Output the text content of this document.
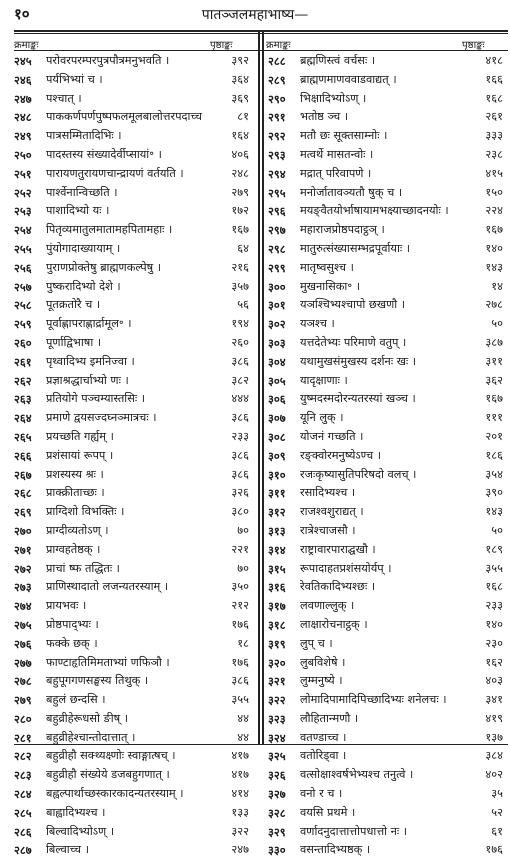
१०	पातञ्जलमहाभाष्य—
क्रमाङ्कः	पृष्ठाङ्कः	क्रमाङ्कः	पृष्ठाङ्कः
२४५ परोवरपरम्परपुत्रपौत्रमनुभवति ।	३९२
२४६ पर्यभिभ्यां च ।	३६४
२४७ पश्चात् ।	३६९
२४८ पाककर्णपर्णपुष्पफलमूलबालोत्तरपदाच्च	८१
२४९ पात्रसम्मितादिभिः ।	१६४
२५० पादस्तस्य संख्यादेर्वीप्सायां॰ ।	४०६
२५१ पारायणतुरायणचान्द्रायणं वर्तयति ।	२४८
२५२ पार्श्वेनान्विच्छति ।	२७९
२५३ पाशादिभ्यो यः ।	१७२
२५४ पितृव्यमातुलमातामहपितामहाः ।	१६७
२५५ पुंयोगादाख्यायाम् ।	६४
२५६ पुराणप्रोक्तेषु ब्राह्मणकल्पेषु ।	२१६
२५७ पुष्करादिभ्यो देशे ।	३५७
२५८ पूतक्रतोरै च ।	५६
२५९ पूर्वाह्णापराह्णार्द्रामूल॰ ।	१९४
२६० पूर्णाद्विभाषा ।	२६०
२६१ पृथ्वादिभ्य इमनिज्वा ।	३८६
२६२ प्रज्ञाश्रद्धार्चाभ्यो णः ।	३८२
२६३ प्रतियोगे पञ्चम्यास्तसिः ।	४४४
२६४ प्रमाणे द्वयसज्दघ्नञ्मात्रचः ।	३८६
२६५ प्रयच्छति गर्ह्यम् ।	२३३
२६६ प्रशंसायां रूपप् ।	३८६
२६७ प्रशस्यस्य श्रः ।	३८६
२६८ प्राक्क्रीताच्छः ।	३२६
२६९ प्राग्दिशो विभक्तिः ।	३८०
२७० प्राग्दीव्यतोऽण् ।	७०
२७१ प्राग्वहतेष्ठक् ।	२२१
२७२ प्राचां ष्फ तद्धितः ।	७०
२७३ प्राणिस्थादातो लजन्यतरस्याम् ।	३५०
२७४ प्रायभवः ।	२१२
२७५ प्रोष्ठपाद्भ्यः ।	१७६
२७६ फक्के छक् ।	१८
२७७ फाण्टाहृतिमिमताभ्यां णफिञौ ।	१७६
२७८ बहुपूगगणसङ्घस्य तिथुक् ।	३८६
२७९ बहुलं छन्दसि ।	३५५
२८० बहुव्रीहेरूधसो ङीष् ।	४४
२८१ बहुव्रीहेश्चान्तोदात्तात् ।	४४
२८२ बहुव्रीहौ सक्थ्यक्ष्णोः स्वाङ्गात्षच् ।	४१७
२८३ बहुव्रीहौ संख्येये डजबहुगणात् ।	४१७
२८४ बह्वल्पार्थाच्छस्कारकादन्यतरस्याम् ।	४१४
२८५ बाह्वादिभ्यश्च ।	१३३
२८६ बिल्वादिभ्योऽण् ।	३२२
२८७ बिल्वाच्च ।	२४७
२८८ ब्रह्मणिस्त्वं वर्चसः ।	४१८
२८९ ब्राह्मणमाणववाडवाद्यत् ।	१६६
२९० भिक्षादिभ्योऽण् ।	१६८
२९१ भतोष्ठ ञ्च ।	२६१
२९२ मतौ छः सूक्तसाम्नोः ।	३३३
२९३ मत्वर्थे मासतन्वोः ।	२३८
२९४ मद्रात् परिवापणे ।	४१५
२९५ मनोर्जातावञ्यतौ षुक् च ।	१५०
२९६ मयङ्वैतयोर्भाषायामभक्ष्याच्छादनयोः ।	२२४
२९७ महाराजप्रोष्ठपदाट्ठञ् ।	१६७
२९८ मातुरुत्संख्यासम्भद्रपूर्वायाः ।	१४०
२९९ मातृष्वसुश्च ।	१४३
३०० मुखनासिका॰ ।	१४
३०१ यञश्चिभ्यश्चापो छखणौ ।	२७८
३०२ यञश्च ।	५०
३०३ यत्तदेतेभ्यः परिमाणे वतुप् ।	३८७
३०४ यथामुखसंमुखस्य दर्शनः खः ।	३११
३०५ यादृक्षाणाः ।	३६२
३०६ युष्मदस्मदोरन्यतरस्यां खञ्च ।	१६७
३०७ यूनि लुक् ।	१११
३०८ योजनं गच्छति ।	२०१
३०९ रङ्क्वोरमनुष्येऽण्च ।	१८६
३१० रजःकृष्यासुतिपरिषदो वलच् ।	३५४
३११ रसादिभ्यश्च ।	३९०
३१२ राजश्वशुराद्यत् ।	१४३
३१३ रात्रेश्चाजसौ ।	५०
३१४ राष्ट्रावारपाराद्घखौ ।	१८९
३१५ रूपादाहतप्रशंसयोर्यप् ।	३५५
३१६ रेवतिकादिभ्यश्छः ।	१६८
३१७ लवणाल्लुक् ।	२३३
३१८ लाक्षारोचनाट्ठक् ।	१४०
३१९ लुप् च ।	२३०
३२० लुबविशेषे ।	१६२
३२१ लुम्मनुष्ये ।	४०३
३२२ लोमादिपामादिपिच्छादिभ्यः शनेलचः ।	३४१
३२३ लौहितान्मणौ ।	४१९
३२४ वतण्डाच्च ।	१३७
३२५ वतोरिड्वा ।	३८४
३२६ वत्सोक्षाश्वर्षभेभ्यश्च तनुत्वे ।	४०२
३२७ वनो र च ।	३५
३२८ वयसि प्रथमे ।	५२
३२९ वर्णादनुदात्तात्तोपधात्तो नः ।	६१
३३० वसन्तादिभ्यष्ठक् ।	१७६
